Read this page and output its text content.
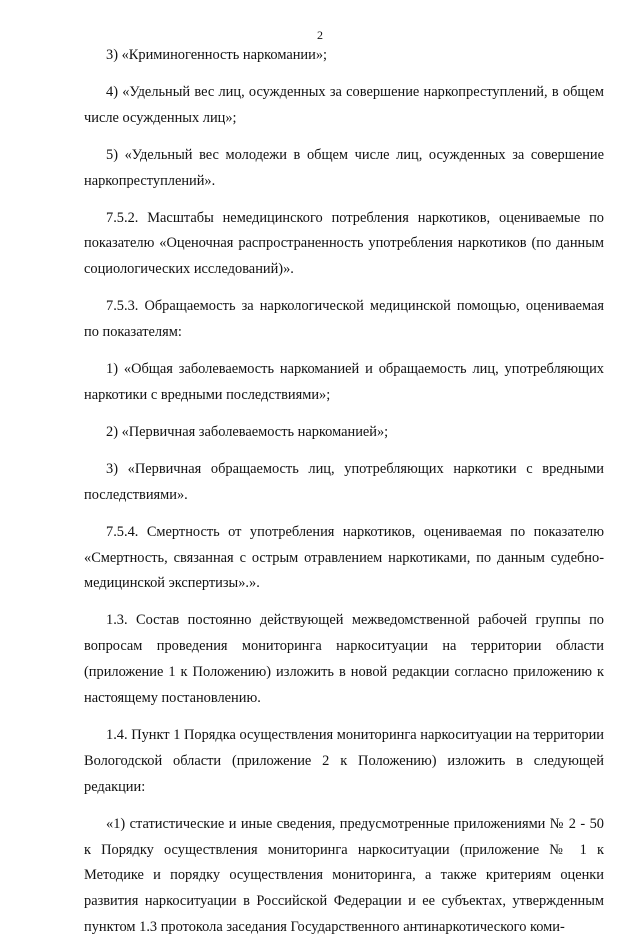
2

3) «Криминогенность наркомании»;

4) «Удельный вес лиц, осужденных за совершение наркопреступлений, в общем числе осужденных лиц»;

5) «Удельный вес молодежи в общем числе лиц, осужденных за совершение наркопреступлений».

7.5.2. Масштабы немедицинского потребления наркотиков, оцениваемые по показателю «Оценочная распространенность употребления наркотиков (по данным социологических исследований)».

7.5.3. Обращаемость за наркологической медицинской помощью, оцениваемая по показателям:

1) «Общая заболеваемость наркоманией и обращаемость лиц, употребляющих наркотики с вредными последствиями»;

2) «Первичная заболеваемость наркоманией»;

3) «Первичная обращаемость лиц, употребляющих наркотики с вредными последствиями».

7.5.4. Смертность от употребления наркотиков, оцениваемая по показателю «Смертность, связанная с острым отравлением наркотиками, по данным судебно-медицинской экспертизы».».

1.3. Состав постоянно действующей межведомственной рабочей группы по вопросам проведения мониторинга наркоситуации на территории области (приложение 1 к Положению) изложить в новой редакции согласно приложению к настоящему постановлению.

1.4. Пункт 1 Порядка осуществления мониторинга наркоситуации на территории Вологодской области (приложение 2 к Положению) изложить в следующей редакции:

«1) статистические и иные сведения, предусмотренные приложениями № 2 - 50 к Порядку осуществления мониторинга наркоситуации (приложение № 1 к Методике и порядку осуществления мониторинга, а также критериям оценки развития наркоситуации в Российской Федерации и ее субъектах, утвержденным пунктом 1.3 протокола заседания Государственного антинаркотического коми-
